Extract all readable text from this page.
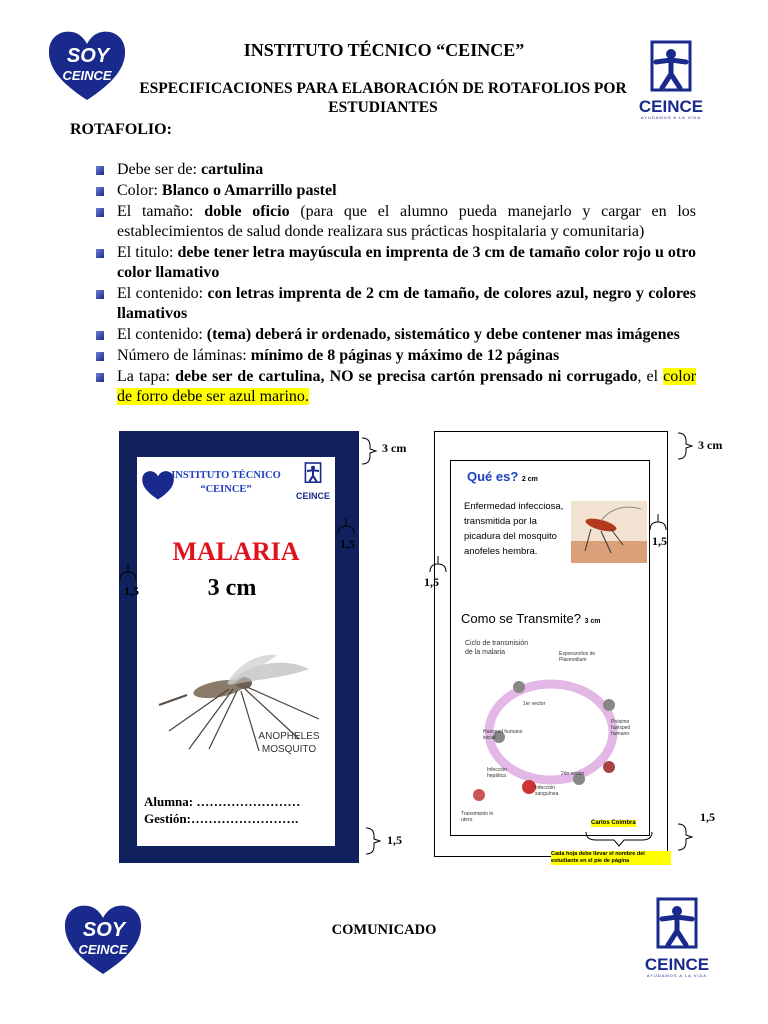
SOY
CEINCE
CEINCE
AYUDAMOS A LA VIDA
INSTITUTO TÉCNICO “CEINCE”
ESPECIFICACIONES PARA ELABORACIÓN DE ROTAFOLIOS POR ESTUDIANTES
ROTAFOLIO:
Debe ser de: cartulina
Color: Blanco o Amarrillo pastel
El tamaño: doble oficio (para que el alumno pueda manejarlo y cargar en los establecimientos de salud donde realizara sus prácticas hospitalaria y comunitaria)
El titulo: debe tener letra mayúscula en imprenta de 3 cm de tamaño color rojo u otro color llamativo
El contenido: con letras imprenta de 2 cm de tamaño, de colores azul, negro y colores llamativos
El contenido: (tema) deberá ir ordenado, sistemático y debe contener mas imágenes
Número de láminas: mínimo de 8 páginas y máximo de 12 páginas
La tapa: debe ser de cartulina, NO se precisa cartón prensado ni corrugado, el color de forro debe ser azul marino.
INSTITUTO TÉCNICO
“CEINCE”
CEINCE
MALARIA
3 cm
ANOPHELES
MOSQUITO
Alumna: ……………………
Gestión:…………………….
Qué es? 2 cm
Enfermedad infecciosa, transmitida por la picadura del mosquito anofeles hembra.
Como se Transmite? 3 cm
Ciclo de transmisión de la malaria	Esporozoítos de Plasmodium
1er vector
Próximo huésped humano
Huésped humano inicial
Infección hepática	2do vector
Infección sanguínea
Transmisión in utero	Carlos Coimbra
3 cm	3 cm
1,5
1,5
1,5
1,5
1,5
1,5
Cada hoja debe llevar el nombre del estudiante en el pie de página
SOY
CEINCE
COMUNICADO
CEINCE
AYUDAMOS A LA VIDA
